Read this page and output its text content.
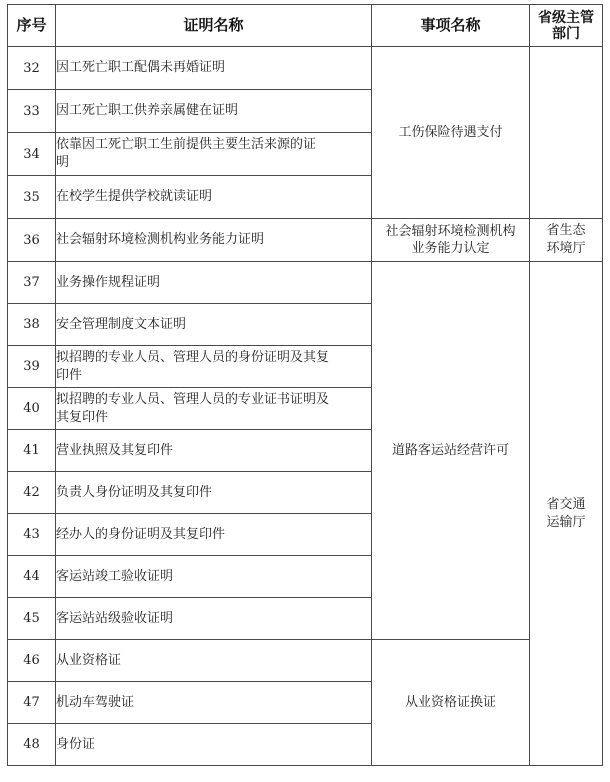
序号	证明名称	事项名称	省级主管
部门
32	因工死亡职工配偶未再婚证明	工伤保险待遇支付	
33	因工死亡职工供养亲属健在证明		
34	依靠因工死亡职工生前提供主要生活来源的证
明		
35	在校学生提供学校就读证明		
36	社会辐射环境检测机构业务能力证明	社会辐射环境检测机构
业务能力认定	省生态
环境厅
37	业务操作规程证明	道路客运站经营许可	省交通
运输厅
38	安全管理制度文本证明		
39	拟招聘的专业人员、管理人员的身份证明及其复
印件		
40	拟招聘的专业人员、管理人员的专业证书证明及
其复印件		
41	营业执照及其复印件		
42	负责人身份证明及其复印件		
43	经办人的身份证明及其复印件		
44	客运站竣工验收证明		
45	客运站站级验收证明		
46	从业资格证	从业资格证换证	
47	机动车驾驶证		
48	身份证		
